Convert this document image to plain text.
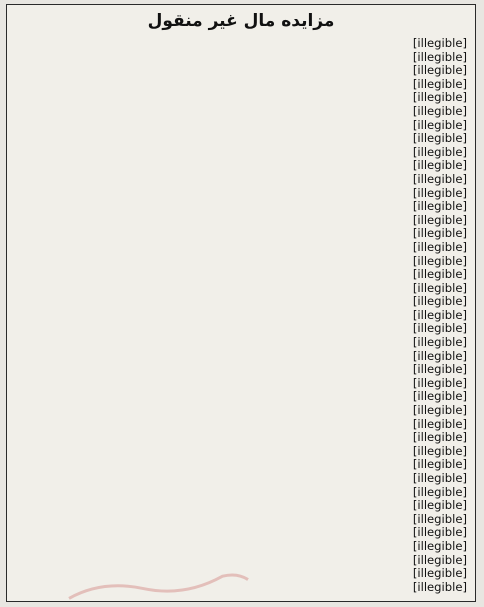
مزایده مال غیر منقول
[illegible]
[illegible]
[illegible]
[illegible]
[illegible]
[illegible]
[illegible]
[illegible]
[illegible]
[illegible]
[illegible]
[illegible]
[illegible]
[illegible]
[illegible]
[illegible]
[illegible]
[illegible]
[illegible]
[illegible]
[illegible]
[illegible]
[illegible]
[illegible]
[illegible]
[illegible]
[illegible]
[illegible]
[illegible]
[illegible]
[illegible]
[illegible]
[illegible]
[illegible]
[illegible]
[illegible]
[illegible]
[illegible]
[illegible]
[illegible]
[illegible]
